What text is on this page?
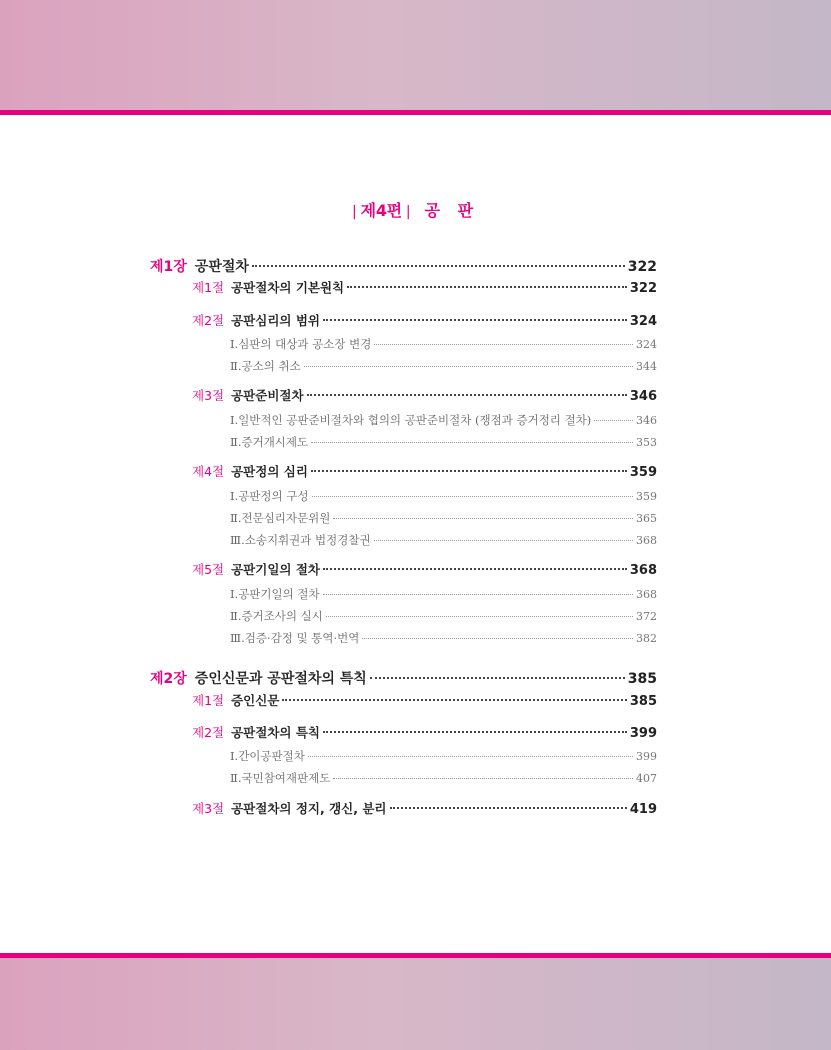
| 제4편 | 공 판
제1장 공판절차	322
제1절 공판절차의 기본원칙	322
제2절 공판심리의 범위	324
Ⅰ.심판의 대상과 공소장 변경	324
Ⅱ.공소의 취소	344
제3절 공판준비절차	346
Ⅰ.일반적인 공판준비절차와 협의의 공판준비절차 (쟁점과 증거정리 절차)	346
Ⅱ.증거개시제도	353
제4절 공판정의 심리	359
Ⅰ.공판정의 구성	359
Ⅱ.전문심리자문위원	365
Ⅲ.소송지휘권과 법정경찰권	368
제5절 공판기일의 절차	368
Ⅰ.공판기일의 절차	368
Ⅱ.증거조사의 실시	372
Ⅲ.검증·감정 및 통역·번역	382
제2장 증인신문과 공판절차의 특칙	385
제1절 증인신문	385
제2절 공판절차의 특칙	399
Ⅰ.간이공판절차	399
Ⅱ.국민참여재판제도	407
제3절 공판절차의 정지, 갱신, 분리	419
